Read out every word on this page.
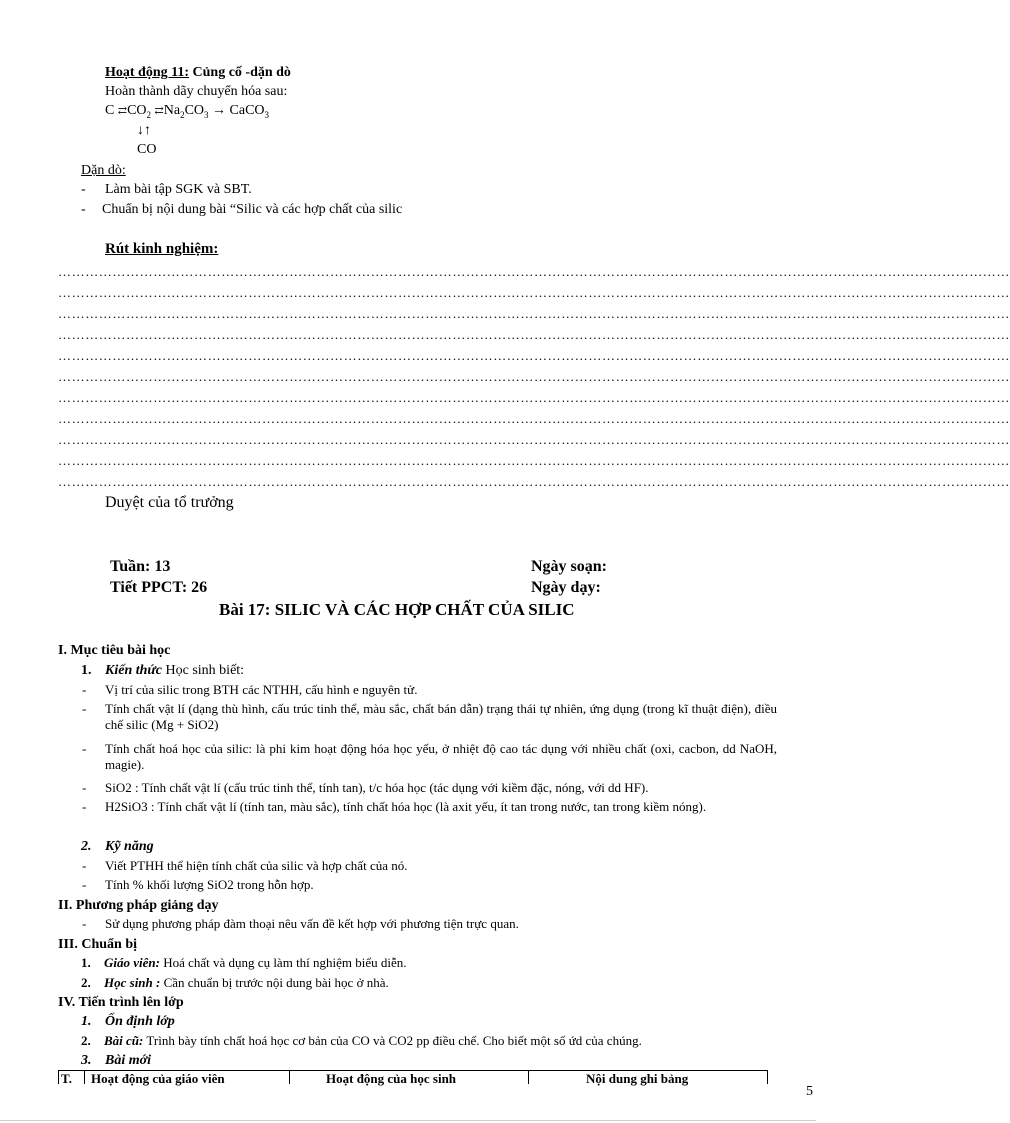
Hoạt động 11: Củng cố -dặn dò
Hoàn thành dãy chuyển hóa sau:
C $⇄CO_2$ $⇄Na_2CO_3$ → CaCO$_3$
↓↑
CO
Dặn dò:
- Làm bài tập SGK và SBT.
- Chuẩn bị nội dung bài “Silic và các hợp chất của silic
Rút kinh nghiệm:
…………………………………………………………………………………………………………………………………………………………………………………………
…………………………………………………………………………………………………………………………………………………………………………………………
…………………………………………………………………………………………………………………………………………………………………………………………
…………………………………………………………………………………………………………………………………………………………………………………………
…………………………………………………………………………………………………………………………………………………………………………………………
…………………………………………………………………………………………………………………………………………………………………………………………
…………………………………………………………………………………………………………………………………………………………………………………………
…………………………………………………………………………………………………………………………………………………………………………………………
…………………………………………………………………………………………………………………………………………………………………………………………
…………………………………………………………………………………………………………………………………………………………………………………………
…………………………………………………………………………………………………………………………………………………………………………………………
Duyệt của tổ trưởng
Tuần: 13
Tiết PPCT: 26
Ngày soạn:
Ngày dạy:
Bài 17: SILIC VÀ CÁC HỢP CHẤT CỦA SILIC
I. Mục tiêu bài học
1. Kiến thức Học sinh biết:
- Vị trí của silic trong BTH các NTHH, cấu hình e nguyên tử.
- Tính chất vật lí (dạng thù hình, cấu trúc tinh thể, màu sắc, chất bán dẫn) trạng thái tự nhiên, ứng dụng (trong kĩ thuật điện), điều chế silic (Mg + SiO2)
- Tính chất hoá học của silic: là phi kim hoạt động hóa học yếu, ở nhiệt độ cao tác dụng với nhiều chất (oxi, cacbon, dd NaOH, magie).
- SiO2 : Tính chất vật lí (cấu trúc tinh thể, tính tan), t/c hóa học (tác dụng với kiềm đặc, nóng, với dd HF).
- H2SiO3 : Tính chất vật lí (tính tan, màu sắc), tính chất hóa học (là axit yếu, ít tan trong nước, tan trong kiềm nóng).
2. Kỹ năng
- Viết PTHH thể hiện tính chất của silic và hợp chất của nó.
- Tính % khối lượng SiO2 trong hỗn hợp.
II. Phương pháp giảng dạy
- Sử dụng phương pháp đàm thoại nêu vấn đề kết hợp với phương tiện trực quan.
III. Chuẩn bị
1. Giáo viên: Hoá chất và dụng cụ làm thí nghiệm biểu diễn.
2. Học sinh : Cần chuẩn bị trước nội dung bài học ở nhà.
IV. Tiến trình lên lớp
1. Ổn định lớp
2. Bài cũ: Trình bày tính chất hoá học cơ bản của CO và CO2 pp điều chế. Cho biết một số ứd của chúng.
3. Bài mới
T. Hoạt động của giáo viên	Hoạt động của học sinh	Nội dung ghi bảng
5
